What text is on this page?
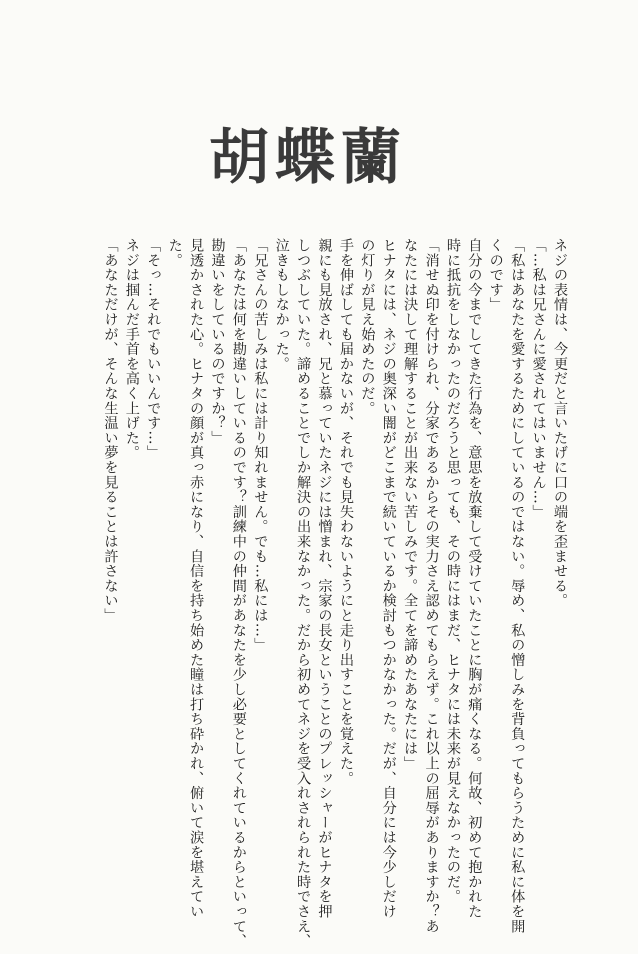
胡蝶蘭
ネジの表情は、今更だと言いたげに口の端を歪ませる。
「…私は兄さんに愛されてはいません…」
「私はあなたを愛するためにしているのではない。辱め、私の憎しみを背負ってもらうために私に体を開
くのです」
自分の今までしてきた行為を、意思を放棄して受けていたことに胸が痛くなる。何故、初めて抱かれた
時に抵抗をしなかったのだろうと思っても、その時にはまだ、ヒナタには未来が見えなかったのだ。
「消せぬ印を付けられ、分家であるからその実力さえ認めてもらえず。これ以上の屈辱がありますか？あ
なたには決して理解することが出来ない苦しみです。全てを諦めたあなたには」
ヒナタには、ネジの奥深い闇がどこまで続いているか検討もつかなかった。だが、自分には今少しだけ
の灯りが見え始めたのだ。
手を伸ばしても届かないが、それでも見失わないようにと走り出すことを覚えた。
親にも見放され、兄と慕っていたネジには憎まれ、宗家の長女ということのプレッシャーがヒナタを押
しつぶしていた。諦めることでしか解決の出来なかった。だから初めてネジを受入れされられた時でさえ、
泣きもしなかった。
「兄さんの苦しみは私には計り知れません。でも…私には…」
「あなたは何を勘違いしているのです？訓練中の仲間があなたを少し必要としてくれているからといって、
勘違いをしているのですか？」
見透かされた心。ヒナタの顔が真っ赤になり、自信を持ち始めた瞳は打ち砕かれ、俯いて涙を堪えてい
た。
「そっ…それでもいいんです…」
ネジは掴んだ手首を高く上げた。
「あなただけが、そんな生温い夢を見ることは許さない」
